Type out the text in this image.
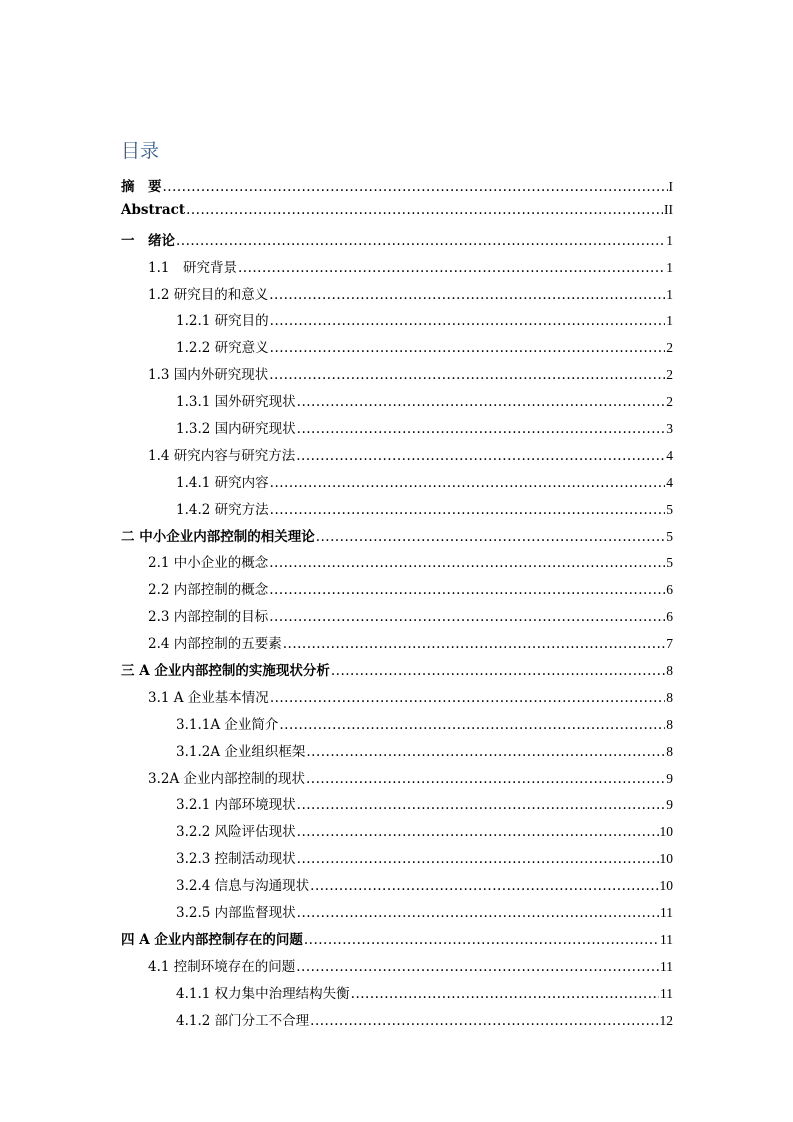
目录
摘　要 .....	I
Abstract .....	II
一　绪论 .....	1
1.1　研究背景 .....	1
1.2 研究目的和意义 .....	1
1.2.1 研究目的 .....	1
1.2.2 研究意义 .....	2
1.3 国内外研究现状 .....	2
1.3.1 国外研究现状 .....	2
1.3.2 国内研究现状 .....	3
1.4 研究内容与研究方法 .....	4
1.4.1 研究内容 .....	4
1.4.2 研究方法 .....	5
二 中小企业内部控制的相关理论 .....	5
2.1 中小企业的概念 .....	5
2.2 内部控制的概念 .....	6
2.3 内部控制的目标 .....	6
2.4 内部控制的五要素 .....	7
三 A 企业内部控制的实施现状分析 .....	8
3.1 A 企业基本情况 .....	8
3.1.1A 企业简介 .....	8
3.1.2A 企业组织框架 .....	8
3.2A 企业内部控制的现状 .....	9
3.2.1 内部环境现状 .....	9
3.2.2 风险评估现状 .....	10
3.2.3 控制活动现状 .....	10
3.2.4 信息与沟通现状 .....	10
3.2.5 内部监督现状 .....	11
四 A 企业内部控制存在的问题 .....	11
4.1 控制环境存在的问题 .....	11
4.1.1 权力集中治理结构失衡 .....	11
4.1.2 部门分工不合理 .....	12
